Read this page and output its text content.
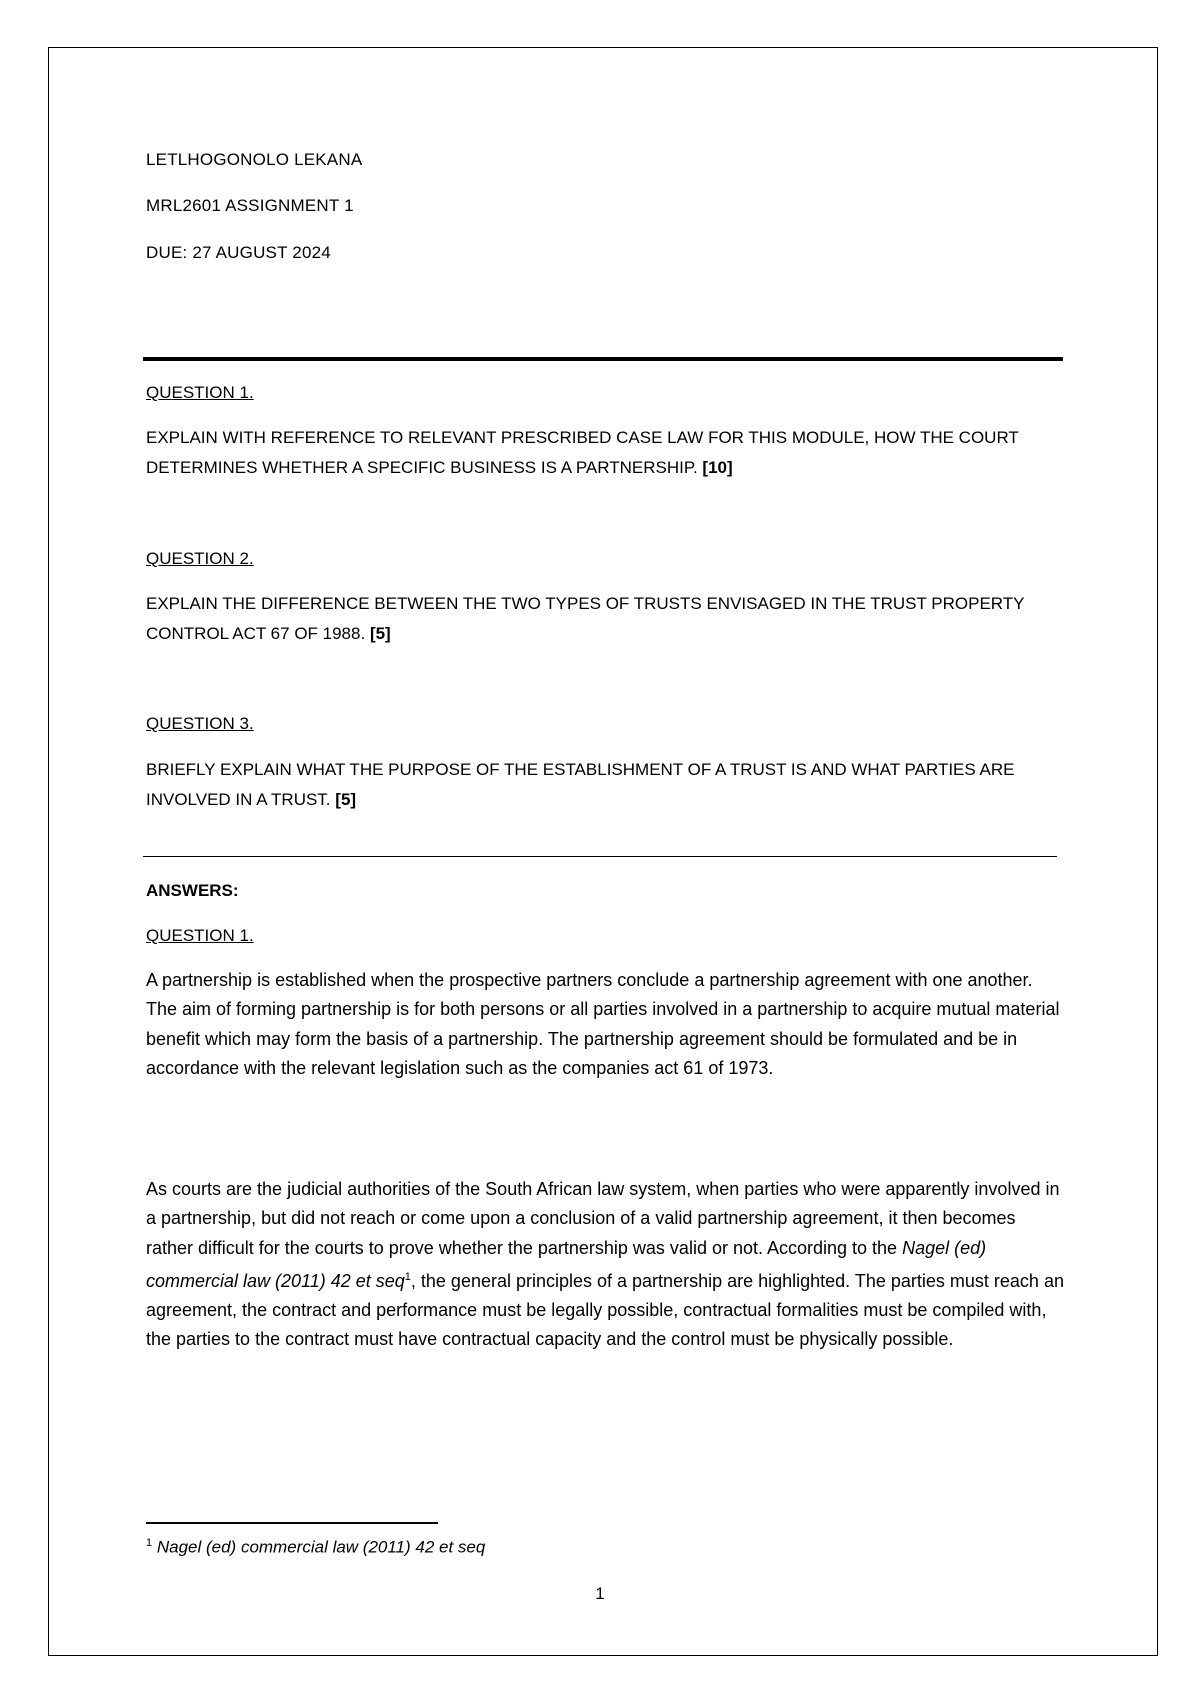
LETLHOGONOLO LEKANA
MRL2601 ASSIGNMENT 1
DUE: 27 AUGUST 2024
QUESTION 1.
EXPLAIN WITH REFERENCE TO RELEVANT PRESCRIBED CASE LAW FOR THIS MODULE, HOW THE COURT DETERMINES WHETHER A SPECIFIC BUSINESS IS A PARTNERSHIP. [10]
QUESTION 2.
EXPLAIN THE DIFFERENCE BETWEEN THE TWO TYPES OF TRUSTS ENVISAGED IN THE TRUST PROPERTY CONTROL ACT 67 OF 1988. [5]
QUESTION 3.
BRIEFLY EXPLAIN WHAT THE PURPOSE OF THE ESTABLISHMENT OF A TRUST IS AND WHAT PARTIES ARE INVOLVED IN A TRUST. [5]
ANSWERS:
QUESTION 1.
A partnership is established when the prospective partners conclude a partnership agreement with one another. The aim of forming partnership is for both persons or all parties involved in a partnership to acquire mutual material benefit which may form the basis of a partnership. The partnership agreement should be formulated and be in accordance with the relevant legislation such as the companies act 61 of 1973.
As courts are the judicial authorities of the South African law system, when parties who were apparently involved in a partnership, but did not reach or come upon a conclusion of a valid partnership agreement, it then becomes rather difficult for the courts to prove whether the partnership was valid or not. According to the Nagel (ed) commercial law (2011) 42 et seq$^1$, the general principles of a partnership are highlighted. The parties must reach an agreement, the contract and performance must be legally possible, contractual formalities must be compiled with, the parties to the contract must have contractual capacity and the control must be physically possible.
$^1$ Nagel (ed) commercial law (2011) 42 et seq
1
